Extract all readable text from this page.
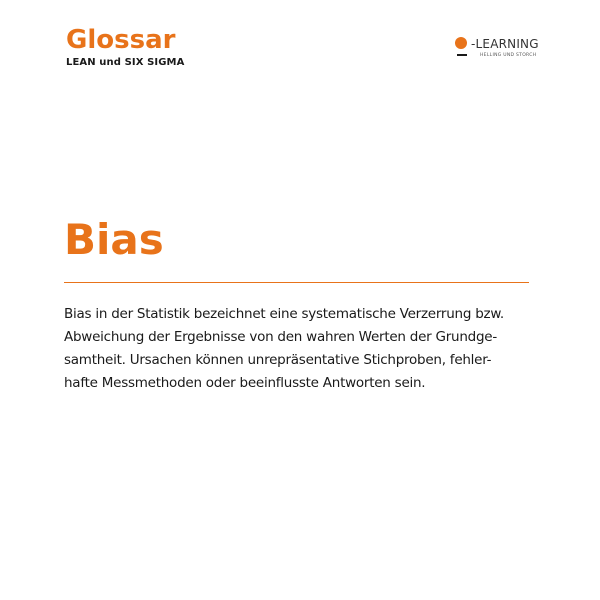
Glossar
LEAN und SIX SIGMA
-LEARNING
HELLING UND STORCH
Bias

Bias in der Statistik bezeichnet eine systematische Verzerrung bzw.
Abweichung der Ergebnisse von den wahren Werten der Grundge-
samtheit. Ursachen können unrepräsentative Stichproben, fehler-
hafte Messmethoden oder beeinflusste Antworten sein.
